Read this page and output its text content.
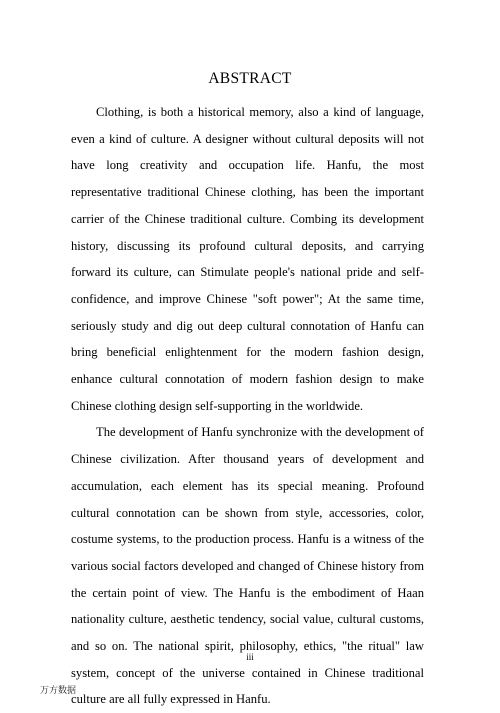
ABSTRACT

Clothing, is both a historical memory, also a kind of language, even a kind of culture. A designer without cultural deposits will not have long creativity and occupation life. Hanfu, the most representative traditional Chinese clothing, has been the important carrier of the Chinese traditional culture. Combing its development history, discussing its profound cultural deposits, and carrying forward its culture, can Stimulate people's national pride and self-confidence, and improve Chinese "soft power"; At the same time, seriously study and dig out deep cultural connotation of Hanfu can bring beneficial enlightenment for the modern fashion design, enhance cultural connotation of modern fashion design to make Chinese clothing design self-supporting in the worldwide.

The development of Hanfu synchronize with the development of Chinese civilization. After thousand years of development and accumulation, each element has its special meaning. Profound cultural connotation can be shown from style, accessories, color, costume systems, to the production process. Hanfu is a witness of the various social factors developed and changed of Chinese history from the certain point of view. The Hanfu is the embodiment of Haan nationality culture, aesthetic tendency, social value, cultural customs, and so on. The national spirit, philosophy, ethics, "the ritual" law system, concept of the universe contained in Chinese traditional culture are all fully expressed in Hanfu.

iii
万方数据
